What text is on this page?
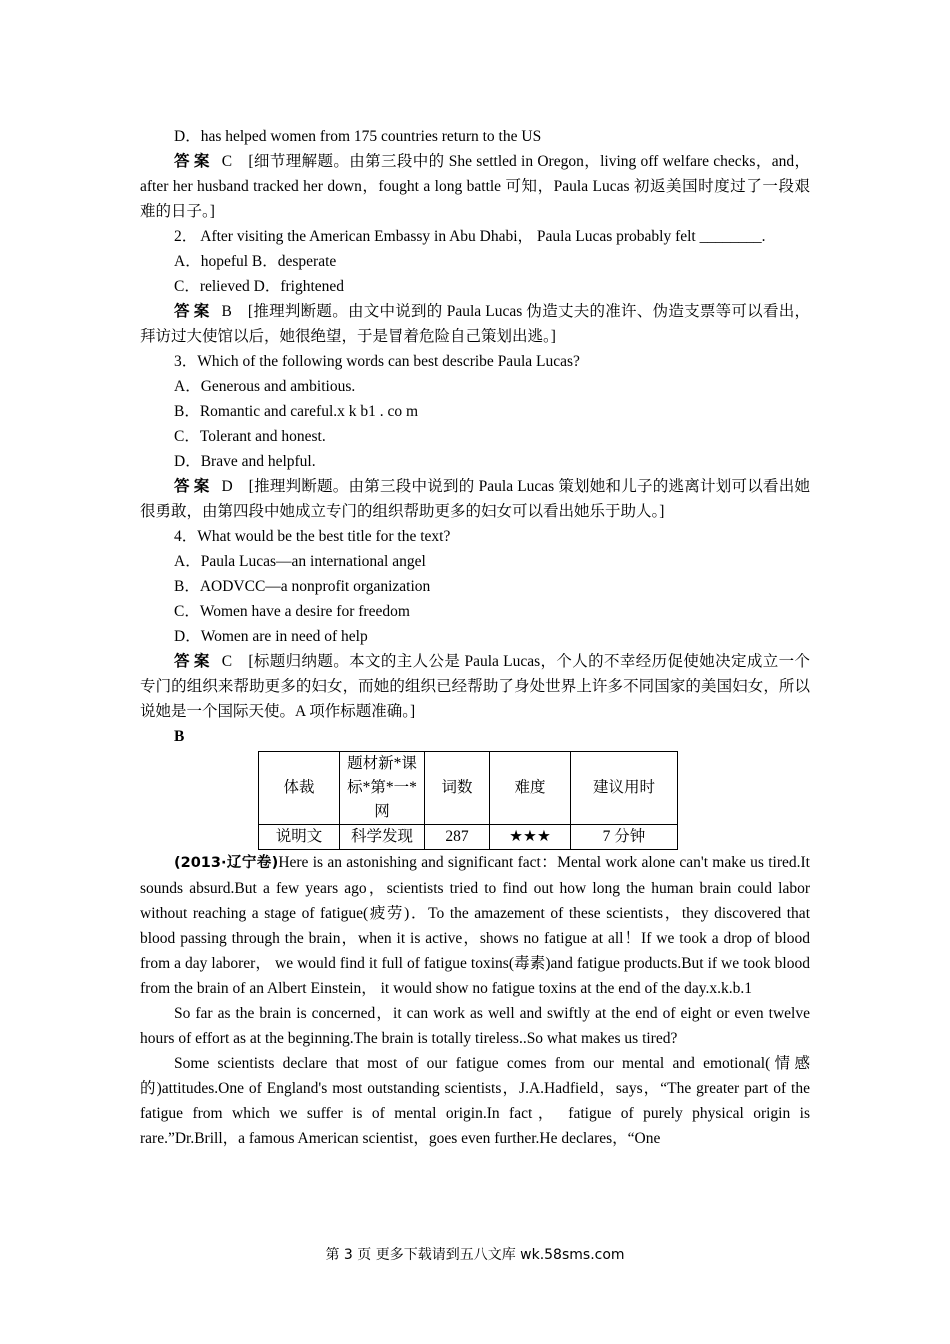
D．has helped women from 175 countries return to the US

答案 C　[细节理解题。由第三段中的 She settled in Oregon，living off welfare checks，and，after her husband tracked her down，fought a long battle 可知，Paula Lucas 初返美国时度过了一段艰难的日子。]

2． After visiting the American Embassy in Abu Dhabi， Paula Lucas probably felt ________.

A．hopeful B．desperate

C．relieved D．frightened

答案 B　[推理判断题。由文中说到的 Paula Lucas 伪造丈夫的准许、伪造支票等可以看出，拜访过大使馆以后，她很绝望，于是冒着危险自己策划出逃。]

3．Which of the following words can best describe Paula Lucas?

A．Generous and ambitious.

B．Romantic and careful.x k b1 . co m

C．Tolerant and honest.

D．Brave and helpful.

答案 D　[推理判断题。由第三段中说到的 Paula Lucas 策划她和儿子的逃离计划可以看出她很勇敢，由第四段中她成立专门的组织帮助更多的妇女可以看出她乐于助人。]

4．What would be the best title for the text?

A．Paula Lucas—an international angel

B．AODVCC—a nonprofit organization

C．Women have a desire for freedom

D．Women are in need of help

答案 C　[标题归纳题。本文的主人公是 Paula Lucas，个人的不幸经历促使她决定成立一个专门的组织来帮助更多的妇女，而她的组织已经帮助了身处世界上许多不同国家的美国妇女，所以说她是一个国际天使。A 项作标题准确。]

B

体裁	题材新*课标*第*一*网	词数	难度	建议用时
说明文	科学发现	287	★★★	7 分钟

(2013·辽宁卷)Here is an astonishing and significant fact：Mental work alone can't make us tired.It sounds absurd.But a few years ago，scientists tried to find out how long the human brain could labor without reaching a stage of fatigue(疲劳)．To the amazement of these scientists，they discovered that blood passing through the brain，when it is active，shows no fatigue at all！If we took a drop of blood from a day laborer， we would find it full of fatigue toxins(毒素)and fatigue products.But if we took blood from the brain of an Albert Einstein， it would show no fatigue toxins at the end of the day.x.k.b.1

So far as the brain is concerned，it can work as well and swiftly at the end of eight or even twelve hours of effort as at the beginning.The brain is totally tireless..So what makes us tired?

Some scientists declare that most of our fatigue comes from our mental and emotional(情感的)attitudes.One of England's most outstanding scientists，J.A.Hadfield，says，“The greater part of the fatigue from which we suffer is of mental origin.In fact， fatigue of purely physical origin is rare.”Dr.Brill，a famous American scientist，goes even further.He declares，“One

第 3 页 更多下载请到五八文库 wk.58sms.com
